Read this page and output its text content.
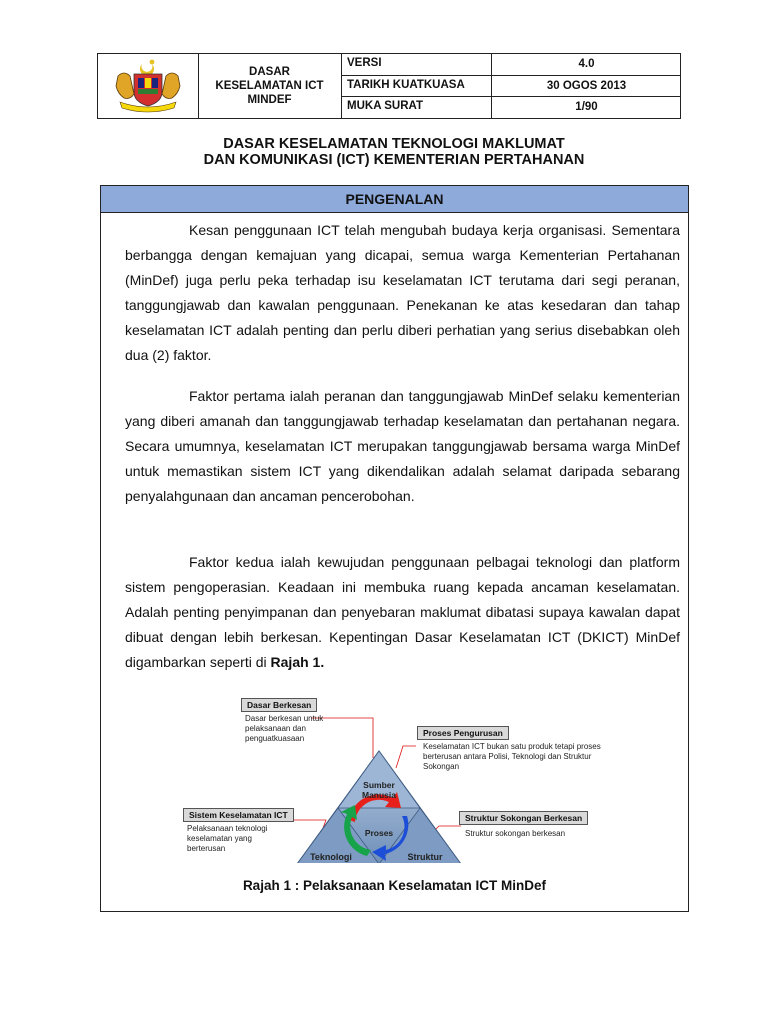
DASAR
KESELAMATAN ICT
MINDEF
VERSI	4.0
TARIKH KUATKUASA	30 OGOS 2013
MUKA SURAT	1/90
DASAR KESELAMATAN TEKNOLOGI MAKLUMAT
DAN KOMUNIKASI (ICT) KEMENTERIAN PERTAHANAN
PENGENALAN
Kesan penggunaan ICT telah mengubah budaya kerja organisasi. Sementara berbangga dengan kemajuan yang dicapai, semua warga Kementerian Pertahanan (MinDef) juga perlu peka terhadap isu keselamatan ICT terutama dari segi peranan, tanggungjawab dan kawalan penggunaan. Penekanan ke atas kesedaran dan tahap keselamatan ICT adalah penting dan perlu diberi perhatian yang serius disebabkan oleh dua (2) faktor.
Faktor pertama ialah peranan dan tanggungjawab MinDef selaku kementerian yang diberi amanah dan tanggungjawab terhadap keselamatan dan pertahanan negara. Secara umumnya, keselamatan ICT merupakan tanggungjawab bersama warga MinDef untuk memastikan sistem ICT yang dikendalikan adalah selamat daripada sebarang penyalahgunaan dan ancaman pencerobohan.
Faktor kedua ialah kewujudan penggunaan pelbagai teknologi dan platform sistem pengoperasian. Keadaan ini membuka ruang kepada ancaman keselamatan. Adalah penting penyimpanan dan penyebaran maklumat dibatasi supaya kawalan dapat dibuat dengan lebih berkesan. Kepentingan Dasar Keselamatan ICT (DKICT) MinDef digambarkan seperti di Rajah 1.
Dasar Berkesan
Dasar berkesan untuk pelaksanaan dan penguatkuasaan
Proses Pengurusan
Keselamatan ICT bukan satu produk tetapi proses berterusan antara Polisi, Teknologi dan Struktur Sokongan
Sistem Keselamatan ICT
Pelaksanaan teknologi keselamatan yang berterusan
Struktur Sokongan Berkesan
Struktur sokongan berkesan
Sumber Manusia
Proses
Teknologi	Struktur
Rajah 1 : Pelaksanaan Keselamatan ICT MinDef
